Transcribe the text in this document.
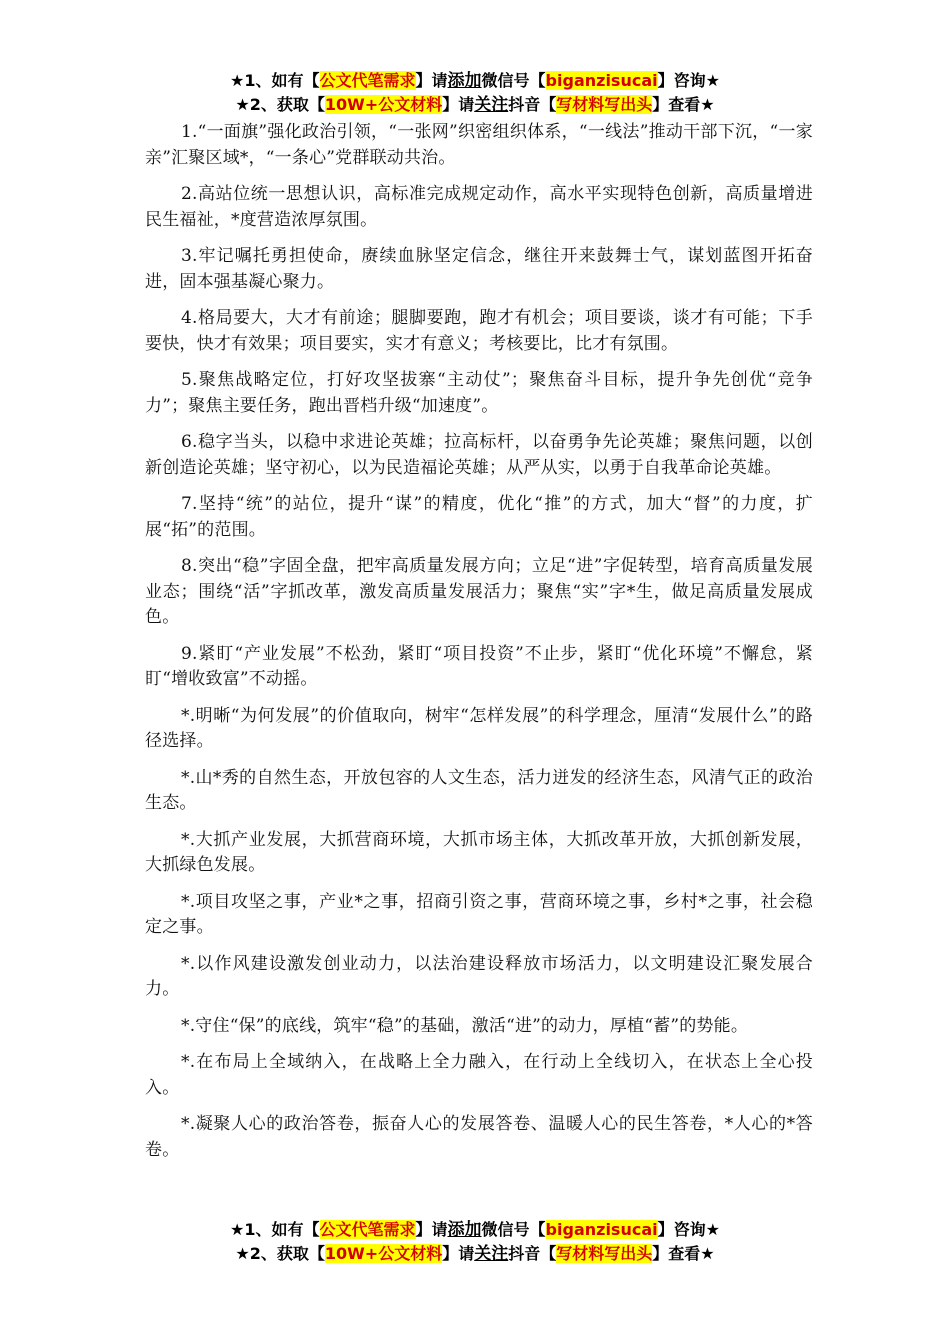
★1、如有【公文代笔需求】请添加微信号【biganzisucai】咨询★
★2、获取【10W+公文材料】请关注抖音【写材料写出头】查看★

1.“一面旗”强化政治引领，“一张网”织密组织体系，“一线法”推动干部下沉，“一家亲”汇聚区域*，“一条心”党群联动共治。

2.高站位统一思想认识，高标准完成规定动作，高水平实现特色创新，高质量增进民生福祉，*度营造浓厚氛围。

3.牢记嘱托勇担使命，赓续血脉坚定信念，继往开来鼓舞士气，谋划蓝图开拓奋进，固本强基凝心聚力。

4.格局要大，大才有前途；腿脚要跑，跑才有机会；项目要谈，谈才有可能；下手要快，快才有效果；项目要实，实才有意义；考核要比，比才有氛围。

5.聚焦战略定位，打好攻坚拔寨“主动仗”；聚焦奋斗目标，提升争先创优“竞争力”；聚焦主要任务，跑出晋档升级“加速度”。

6.稳字当头，以稳中求进论英雄；拉高标杆，以奋勇争先论英雄；聚焦问题，以创新创造论英雄；坚守初心，以为民造福论英雄；从严从实，以勇于自我革命论英雄。

7.坚持“统”的站位，提升“谋”的精度，优化“推”的方式，加大“督”的力度，扩展“拓”的范围。

8.突出“稳”字固全盘，把牢高质量发展方向；立足“进”字促转型，培育高质量发展业态；围绕“活”字抓改革，激发高质量发展活力；聚焦“实”字*生，做足高质量发展成色。

9.紧盯“产业发展”不松劲，紧盯“项目投资”不止步，紧盯“优化环境”不懈怠，紧盯“增收致富”不动摇。

*.明晰“为何发展”的价值取向，树牢“怎样发展”的科学理念，厘清“发展什么”的路径选择。

*.山*秀的自然生态，开放包容的人文生态，活力迸发的经济生态，风清气正的政治生态。

*.大抓产业发展，大抓营商环境，大抓市场主体，大抓改革开放，大抓创新发展，大抓绿色发展。

*.项目攻坚之事，产业*之事，招商引资之事，营商环境之事，乡村*之事，社会稳定之事。

*.以作风建设激发创业动力，以法治建设释放市场活力，以文明建设汇聚发展合力。

*.守住“保”的底线，筑牢“稳”的基础，激活“进”的动力，厚植“蓄”的势能。

*.在布局上全域纳入，在战略上全力融入，在行动上全线切入，在状态上全心投入。

*.凝聚人心的政治答卷，振奋人心的发展答卷、温暖人心的民生答卷，*人心的*答卷。

★1、如有【公文代笔需求】请添加微信号【biganzisucai】咨询★
★2、获取【10W+公文材料】请关注抖音【写材料写出头】查看★
